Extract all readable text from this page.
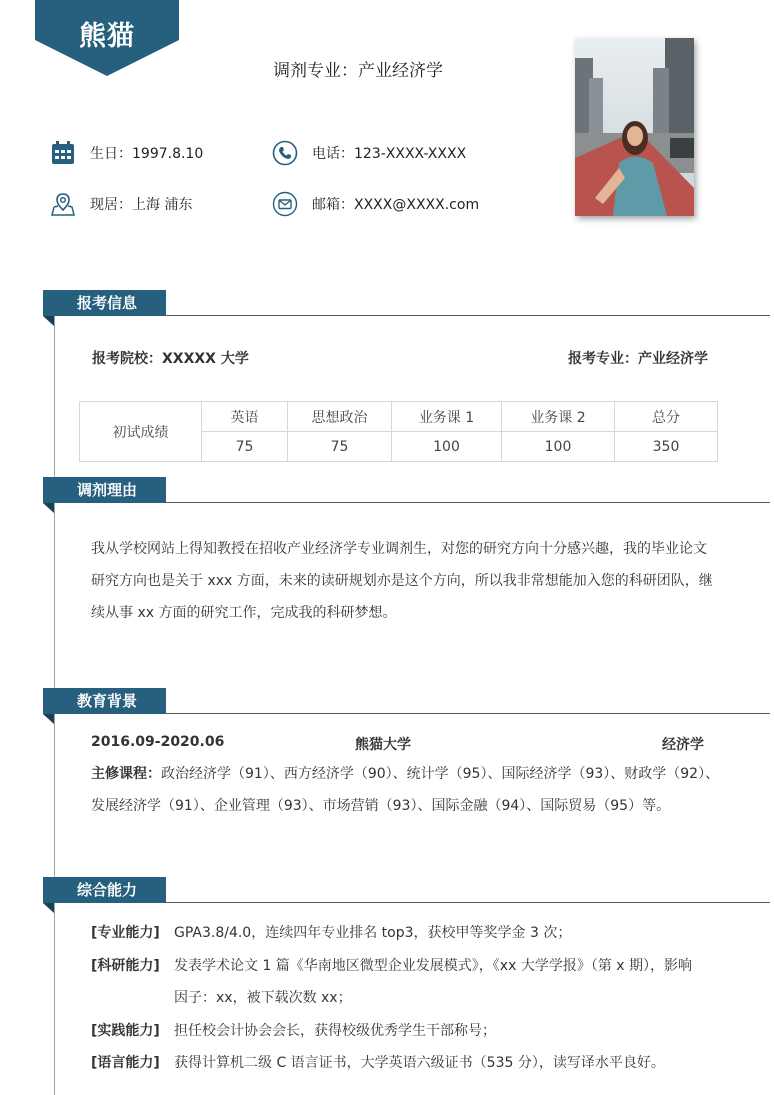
熊猫
调剂专业：产业经济学
生日：1997.8.10	电话：123-XXXX-XXXX
现居：上海 浦东	邮箱：XXXX@XXXX.com
报考信息
报考院校：XXXXX 大学	报考专业：产业经济学
初试成绩	英语	思想政治	业务课 1	业务课 2	总分
	75	75	100	100	350
调剂理由
我从学校网站上得知教授在招收产业经济学专业调剂生，对您的研究方向十分感兴趣，我的毕业论文
研究方向也是关于 xxx 方面，未来的读研规划亦是这个方向，所以我非常想能加入您的科研团队，继
续从事 xx 方面的研究工作，完成我的科研梦想。
教育背景
2016.09-2020.06	熊猫大学	经济学
主修课程：政治经济学（91）、西方经济学（90）、统计学（95）、国际经济学（93）、财政学（92）、
发展经济学（91）、企业管理（93）、市场营销（93）、国际金融（94）、国际贸易（95）等。
综合能力
[专业能力] GPA3.8/4.0，连续四年专业排名 top3，获校甲等奖学金 3 次；
[科研能力] 发表学术论文 1 篇《华南地区微型企业发展模式》，《xx 大学学报》（第 x 期），影响
因子：xx，被下载次数 xx；
[实践能力] 担任校会计协会会长，获得校级优秀学生干部称号；
[语言能力] 获得计算机二级 C 语言证书，大学英语六级证书（535 分），读写译水平良好。
